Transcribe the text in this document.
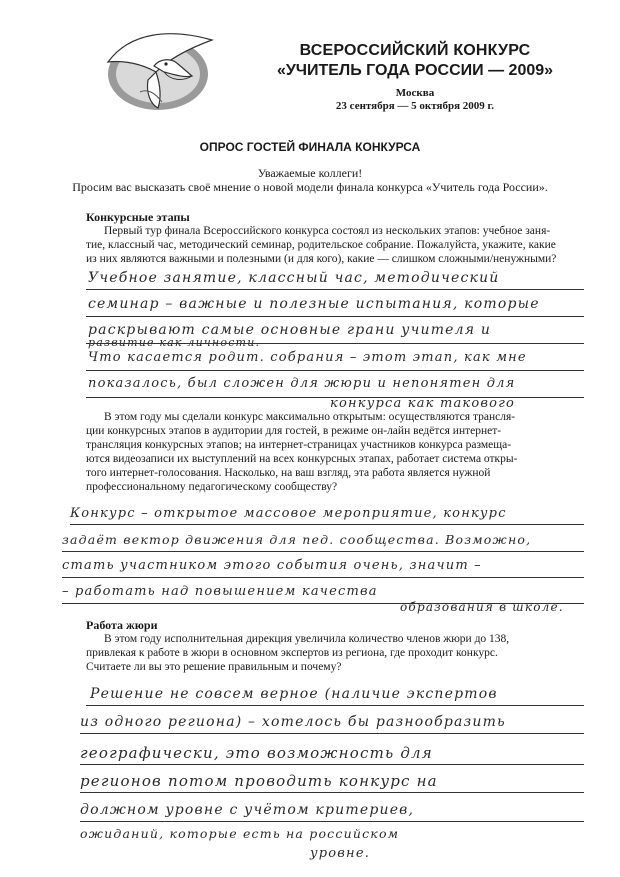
ВСЕРОССИЙСКИЙ КОНКУРС
«УЧИТЕЛЬ ГОДА РОССИИ — 2009»
Москва
23 сентября — 5 октября 2009 г.
ОПРОС ГОСТЕЙ ФИНАЛА КОНКУРСА
Уважаемые коллеги!
Просим вас высказать своё мнение о новой модели финала конкурса «Учитель года России».
Конкурсные этапы
Первый тур финала Всероссийского конкурса состоял из нескольких этапов: учебное заня-
тие, классный час, методический семинар, родительское собрание. Пожалуйста, укажите, какие
из них являются важными и полезными (и для кого), какие — слишком сложными/ненужными?
Учебное занятие, классный час, методический
семинар – важные и полезные испытания, которые
раскрывают самые основные грани учителя и
развитие как личности.
Что касается родит. собрания – этот этап, как мне
показалось, был сложен для жюри и непонятен для
конкурса как такового
В этом году мы сделали конкурс максимально открытым: осуществляются трансля-
ции конкурсных этапов в аудитории для гостей, в режиме он-лайн ведётся интернет-
трансляция конкурсных этапов; на интернет-страницах участников конкурса размеща-
ются видеозаписи их выступлений на всех конкурсных этапах, работает система откры-
того интернет-голосования. Насколько, на ваш взгляд, эта работа является нужной
профессиональному педагогическому сообществу?
Конкурс – открытое массовое мероприятие, конкурс
задаёт вектор движения для пед. сообщества. Возможно,
стать участником этого события очень, значит –
– работать над повышением качества
образования в школе.
Работа жюри
В этом году исполнительная дирекция увеличила количество членов жюри до 138,
привлекая к работе в жюри в основном экспертов из региона, где проходит конкурс.
Считаете ли вы это решение правильным и почему?
Решение не совсем верное (наличие экспертов
из одного региона) – хотелось бы разнообразить
географически, это возможность для
регионов потом проводить конкурс на
должном уровне с учётом критериев,
ожиданий, которые есть на российском
уровне.
